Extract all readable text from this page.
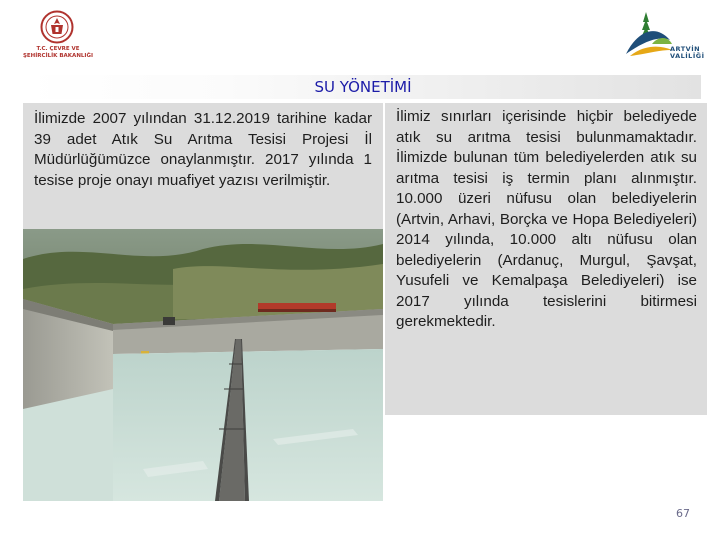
T.C. ÇEVRE VE
ŞEHİRCİLİK BAKANLIĞI
ARTVİN
VALİLİĞİ
SU YÖNETİMİ
İlimizde 2007 yılından 31.12.2019 tarihine kadar 39 adet Atık Su Arıtma Tesisi Projesi İl Müdürlüğümüzce onaylanmıştır. 2017 yılında 1 tesise proje onayı muafiyet yazısı verilmiştir.
İlimiz sınırları içerisinde hiçbir belediyede atık su arıtma tesisi bulunmamaktadır. İlimizde bulunan tüm belediyelerden atık su arıtma tesisi iş termin planı alınmıştır. 10.000 üzeri nüfusu olan belediyelerin (Artvin, Arhavi, Borçka ve Hopa Belediyeleri) 2014 yılında, 10.000 altı nüfusu olan belediyelerin (Ardanuç, Murgul, Şavşat, Yusufeli ve Kemalpaşa Belediyeleri) ise 2017 yılında tesislerini bitirmesi gerekmektedir.
67
